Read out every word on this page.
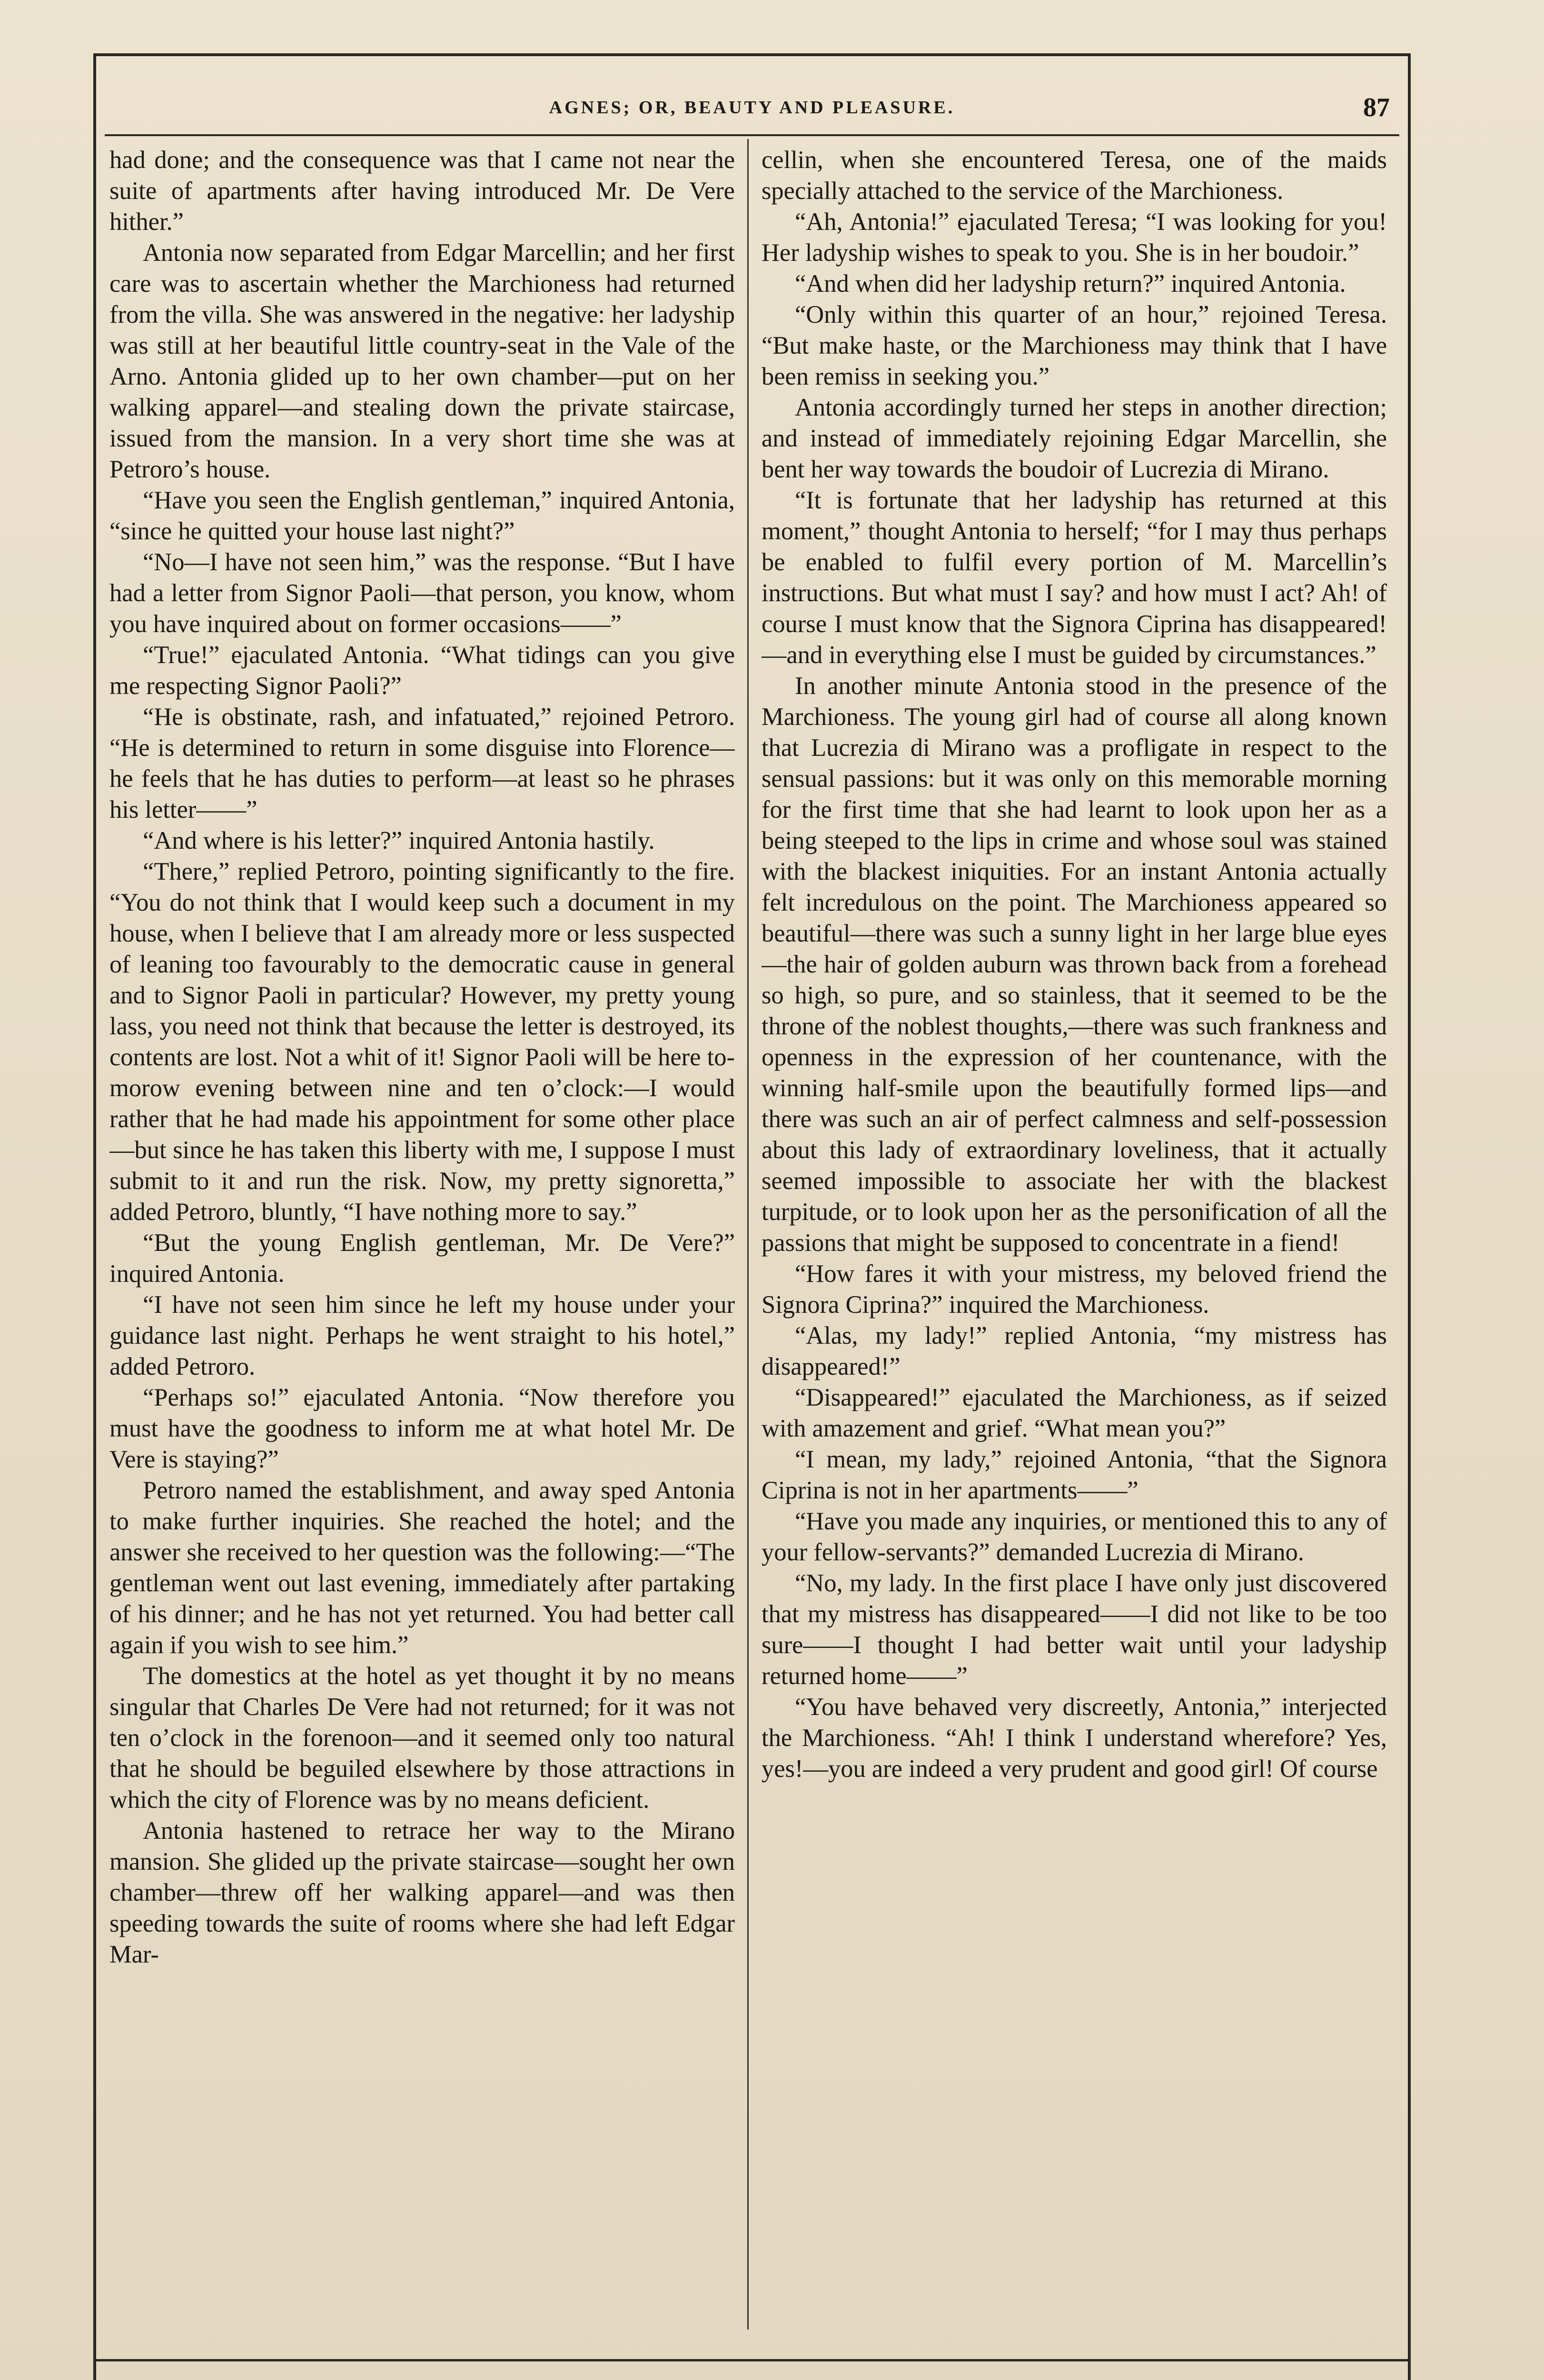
AGNES; OR, BEAUTY AND PLEASURE.	87

had done; and the consequence was that I came not near the suite of apartments after having introduced Mr. De Vere hither.”

Antonia now separated from Edgar Marcellin; and her first care was to ascertain whether the Marchioness had returned from the villa. She was answered in the negative: her ladyship was still at her beautiful little country-seat in the Vale of the Arno. Antonia glided up to her own chamber—put on her walking apparel—and stealing down the private staircase, issued from the mansion. In a very short time she was at Petroro’s house.

“Have you seen the English gentleman,” inquired Antonia, “since he quitted your house last night?”

“No—I have not seen him,” was the response. “But I have had a letter from Signor Paoli—that person, you know, whom you have inquired about on former occasions——”

“True!” ejaculated Antonia. “What tidings can you give me respecting Signor Paoli?”

“He is obstinate, rash, and infatuated,” rejoined Petroro. “He is determined to return in some disguise into Florence—he feels that he has duties to perform—at least so he phrases his letter——”

“And where is his letter?” inquired Antonia hastily.

“There,” replied Petroro, pointing significantly to the fire. “You do not think that I would keep such a document in my house, when I believe that I am already more or less suspected of leaning too favourably to the democratic cause in general and to Signor Paoli in particular? However, my pretty young lass, you need not think that because the letter is destroyed, its contents are lost. Not a whit of it! Signor Paoli will be here to-morow evening between nine and ten o’clock:—I would rather that he had made his appointment for some other place—but since he has taken this liberty with me, I suppose I must submit to it and run the risk. Now, my pretty signoretta,” added Petroro, bluntly, “I have nothing more to say.”

“But the young English gentleman, Mr. De Vere?” inquired Antonia.

“I have not seen him since he left my house under your guidance last night. Perhaps he went straight to his hotel,” added Petroro.

“Perhaps so!” ejaculated Antonia. “Now therefore you must have the goodness to inform me at what hotel Mr. De Vere is staying?”

Petroro named the establishment, and away sped Antonia to make further inquiries. She reached the hotel; and the answer she received to her question was the following:—“The gentleman went out last evening, immediately after partaking of his dinner; and he has not yet returned. You had better call again if you wish to see him.”

The domestics at the hotel as yet thought it by no means singular that Charles De Vere had not returned; for it was not ten o’clock in the forenoon—and it seemed only too natural that he should be beguiled elsewhere by those attractions in which the city of Florence was by no means deficient.

Antonia hastened to retrace her way to the Mirano mansion. She glided up the private staircase—sought her own chamber—threw off her walking apparel—and was then speeding towards the suite of rooms where she had left Edgar Mar-

cellin, when she encountered Teresa, one of the maids specially attached to the service of the Marchioness.

“Ah, Antonia!” ejaculated Teresa; “I was looking for you! Her ladyship wishes to speak to you. She is in her boudoir.”

“And when did her ladyship return?” inquired Antonia.

“Only within this quarter of an hour,” rejoined Teresa. “But make haste, or the Marchioness may think that I have been remiss in seeking you.”

Antonia accordingly turned her steps in another direction; and instead of immediately rejoining Edgar Marcellin, she bent her way towards the boudoir of Lucrezia di Mirano.

“It is fortunate that her ladyship has returned at this moment,” thought Antonia to herself; “for I may thus perhaps be enabled to fulfil every portion of M. Marcellin’s instructions. But what must I say? and how must I act? Ah! of course I must know that the Signora Ciprina has disappeared!—and in everything else I must be guided by circumstances.”

In another minute Antonia stood in the presence of the Marchioness. The young girl had of course all along known that Lucrezia di Mirano was a profligate in respect to the sensual passions: but it was only on this memorable morning for the first time that she had learnt to look upon her as a being steeped to the lips in crime and whose soul was stained with the blackest iniquities. For an instant Antonia actually felt incredulous on the point. The Marchioness appeared so beautiful—there was such a sunny light in her large blue eyes—the hair of golden auburn was thrown back from a forehead so high, so pure, and so stainless, that it seemed to be the throne of the noblest thoughts,—there was such frankness and openness in the expression of her countenance, with the winning half-smile upon the beautifully formed lips—and there was such an air of perfect calmness and self-possession about this lady of extraordinary loveliness, that it actually seemed impossible to associate her with the blackest turpitude, or to look upon her as the personification of all the passions that might be supposed to concentrate in a fiend!

“How fares it with your mistress, my beloved friend the Signora Ciprina?” inquired the Marchioness.

“Alas, my lady!” replied Antonia, “my mistress has disappeared!”

“Disappeared!” ejaculated the Marchioness, as if seized with amazement and grief. “What mean you?”

“I mean, my lady,” rejoined Antonia, “that the Signora Ciprina is not in her apartments——”

“Have you made any inquiries, or mentioned this to any of your fellow-servants?” demanded Lucrezia di Mirano.

“No, my lady. In the first place I have only just discovered that my mistress has disappeared——I did not like to be too sure——I thought I had better wait until your ladyship returned home——”

“You have behaved very discreetly, Antonia,” interjected the Marchioness. “Ah! I think I understand wherefore? Yes, yes!—you are indeed a very prudent and good girl! Of course
